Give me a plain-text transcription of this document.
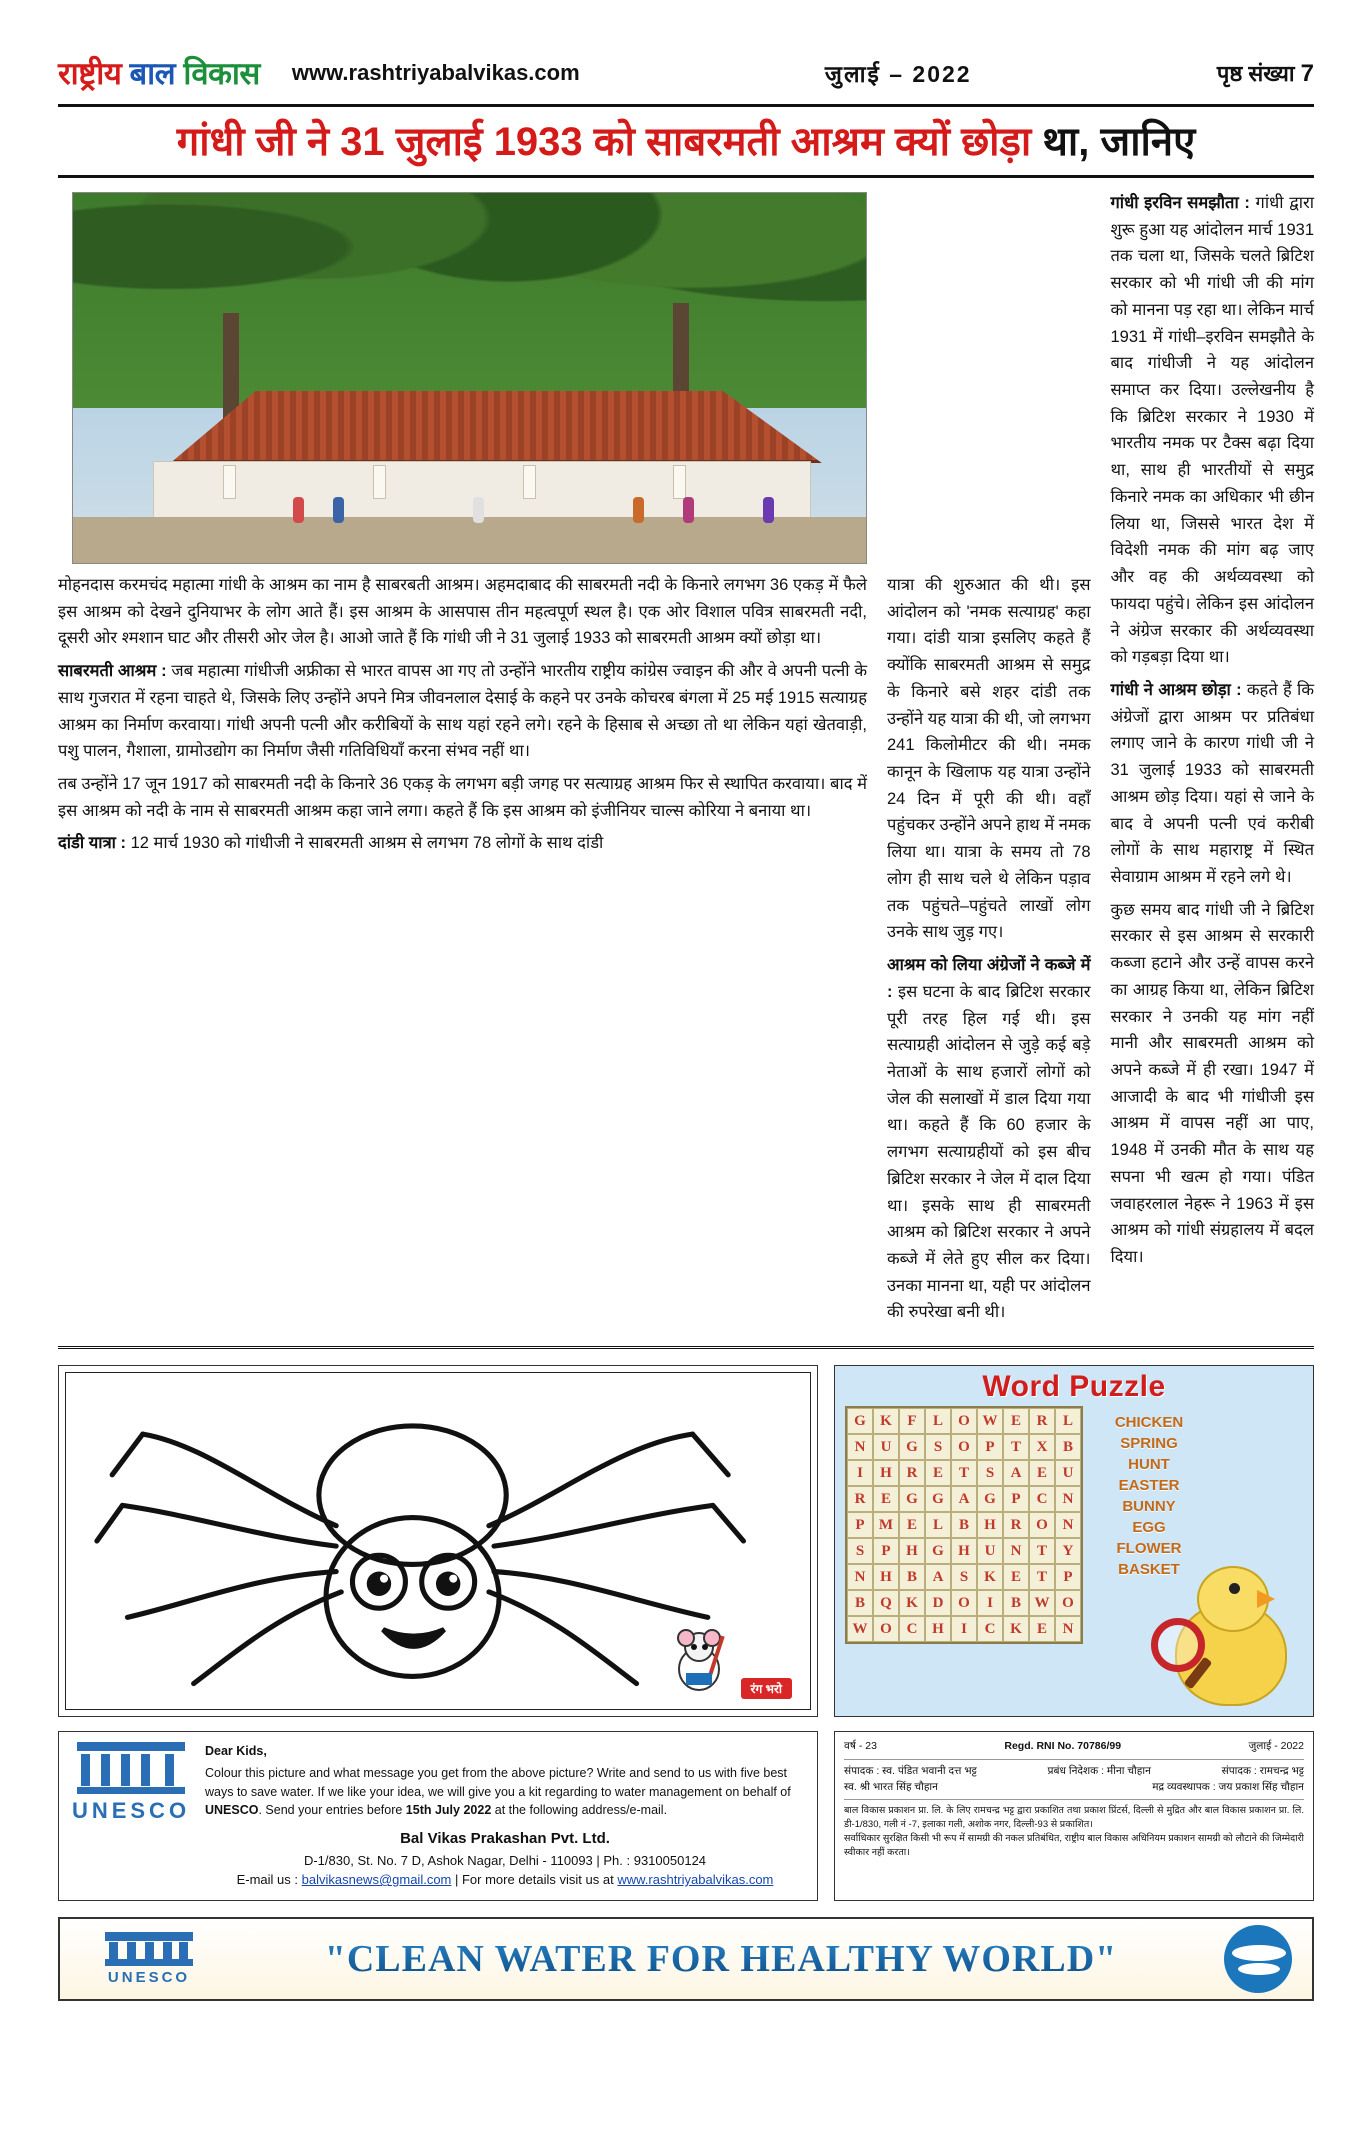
राष्ट्रीय बाल विकास www.rashtriyabalvikas.com	जुलाई – 2022	पृष्ठ संख्या 7
गांधी जी ने 31 जुलाई 1933 को साबरमती आश्रम क्यों छोड़ा था, जानिए

मोहनदास करमचंद महात्मा गांधी के आश्रम का नाम है साबरबती आश्रम। अहमदाबाद की साबरमती नदी के किनारे लगभग 36 एकड़ में फैले इस आश्रम को देखने दुनियाभर के लोग आते हैं। इस आश्रम के आसपास तीन महत्वपूर्ण स्थल है। एक ओर विशाल पवित्र साबरमती नदी, दूसरी ओर श्मशान घाट और तीसरी ओर जेल है। आओ जाते हैं कि गांधी जी ने 31 जुलाई 1933 को साबरमती आश्रम क्यों छोड़ा था।

साबरमती आश्रम : जब महात्मा गांधीजी अफ्रीका से भारत वापस आ गए तो उन्होंने भारतीय राष्ट्रीय कांग्रेस ज्वाइन की और वे अपनी पत्नी के साथ गुजरात में रहना चाहते थे, जिसके लिए उन्होंने अपने मित्र जीवनलाल देसाई के कहने पर उनके कोचरब बंगला में 25 मई 1915 सत्याग्रह आश्रम का निर्माण करवाया। गांधी अपनी पत्नी और करीबियों के साथ यहां रहने लगे। रहने के हिसाब से अच्छा तो था लेकिन यहां खेतवाड़ी, पशु पालन, गैशाला, ग्रामोउद्योग का निर्माण जैसी गतिविधियाँ करना संभव नहीं था।

तब उन्होंने 17 जून 1917 को साबरमती नदी के किनारे 36 एकड़ के लगभग बड़ी जगह पर सत्याग्रह आश्रम फिर से स्थापित करवाया। बाद में इस आश्रम को नदी के नाम से साबरमती आश्रम कहा जाने लगा। कहते हैं कि इस आश्रम को इंजीनियर चाल्स कोरिया ने बनाया था।

दांडी यात्रा : 12 मार्च 1930 को गांधीजी ने साबरमती आश्रम से लगभग 78 लोगों के साथ दांडी

यात्रा की शुरुआत की थी। इस आंदोलन को 'नमक सत्याग्रह' कहा गया। दांडी यात्रा इसलिए कहते हैं क्योंकि साबरमती आश्रम से समुद्र के किनारे बसे शहर दांडी तक उन्होंने यह यात्रा की थी, जो लगभग 241 किलोमीटर की थी। नमक कानून के खिलाफ यह यात्रा उन्होंने 24 दिन में पूरी की थी। वहाँ पहुंचकर उन्होंने अपने हाथ में नमक लिया था। यात्रा के समय तो 78 लोग ही साथ चले थे लेकिन पड़ाव तक पहुंचते–पहुंचते लाखों लोग उनके साथ जुड़ गए।

आश्रम को लिया अंग्रेजों ने कब्जे में : इस घटना के बाद ब्रिटिश सरकार पूरी तरह हिल गई थी। इस सत्याग्रही आंदोलन से जुड़े कई बड़े नेताओं के साथ हजारों लोगों को जेल की सलाखों में डाल दिया गया था। कहते हैं कि 60 हजार के लगभग सत्याग्रहीयों को इस बीच ब्रिटिश सरकार ने जेल में दाल दिया था। इसके साथ ही साबरमती आश्रम को ब्रिटिश सरकार ने अपने कब्जे में लेते हुए सील कर दिया। उनका मानना था, यही पर आंदोलन की रुपरेखा बनी थी।

गांधी इरविन समझौता : गांधी द्वारा शुरू हुआ यह आंदोलन मार्च 1931 तक चला था, जिसके चलते ब्रिटिश सरकार को भी गांधी जी की मांग को मानना पड़ रहा था। लेकिन मार्च 1931 में गांधी–इरविन समझौते के बाद गांधीजी ने यह आंदोलन समाप्त कर दिया। उल्लेखनीय है कि ब्रिटिश सरकार ने 1930 में भारतीय नमक पर टैक्स बढ़ा दिया था, साथ ही भारतीयों से समुद्र किनारे नमक का अधिकार भी छीन लिया था, जिससे भारत देश में विदेशी नमक की मांग बढ़ जाए और वह की अर्थव्यवस्था को फायदा पहुंचे। लेकिन इस आंदोलन ने अंग्रेज सरकार की अर्थव्यवस्था को गड़बड़ा दिया था।

गांधी ने आश्रम छोड़ा : कहते हैं कि अंग्रेजों द्वारा आश्रम पर प्रतिबंधा लगाए जाने के कारण गांधी जी ने 31 जुलाई 1933 को साबरमती आश्रम छोड़ दिया। यहां से जाने के बाद वे अपनी पत्नी एवं करीबी लोगों के साथ महाराष्ट्र में स्थित सेवाग्राम आश्रम में रहने लगे थे।

कुछ समय बाद गांधी जी ने ब्रिटिश सरकार से इस आश्रम से सरकारी कब्जा हटाने और उन्हें वापस करने का आग्रह किया था, लेकिन ब्रिटिश सरकार ने उनकी यह मांग नहीं मानी और साबरमती आश्रम को अपने कब्जे में ही रखा। 1947 में आजादी के बाद भी गांधीजी इस आश्रम में वापस नहीं आ पाए, 1948 में उनकी मौत के साथ यह सपना भी खत्म हो गया। पंडित जवाहरलाल नेहरू ने 1963 में इस आश्रम को गांधी संग्रहालय में बदल दिया।

रंग भरो
Word Puzzle
G K	F	L	O W E	R	L
N	U G	S	O	P	T	X	B
I	H R	E	T	S	A	E	U
R	E	G G A G	P	C	N
P M E	L	B	H R O N
S	P	H G H U	N	T	Y
N H	B	A	S	K	E	T	P
B	Q K D O	I	B W O
W O C H	I	C K	E	N
CHICKEN
SPRING
HUNT
EASTER
BUNNY
EGG
FLOWER
BASKET
UNESCO
Dear Kids,
Colour this picture and what message you get from the above picture? Write and send to us with five best ways to save water. If we like your idea, we will give you a kit regarding to water management on behalf of UNESCO. Send your entries before 15th July 2022 at the following address/e-mail.
Bal Vikas Prakashan Pvt. Ltd.
D-1/830, St. No. 7 D, Ashok Nagar, Delhi - 110093 | Ph. : 9310050124
E-mail us : balvikasnews@gmail.com | For more details visit us at www.rashtriyabalvikas.com
वर्ष - 23	Regd. RNI No. 70786/99	जुलाई - 2022
संपादक : स्व. पंडित भवानी दत्त भट्ट	प्रबंध निदेशक : मीना चौहान	संपादक : रामचन्द्र भट्ट
स्व. श्री भारत सिंह चौहान	मद्र व्यवस्थापक : जय प्रकाश सिंह चौहान
बाल विकास प्रकाशन प्रा. लि. के लिए रामचन्द्र भट्ट द्वारा प्रकाशित तथा प्रकाश प्रिंटर्स, दिल्ली से मुद्रित और बाल विकास प्रकाशन प्रा. लि. डी-1/830, गली नं -7, इलाका गली, अशोक नगर, दिल्ली-93 से प्रकाशित।
सर्वाधिकार सुरक्षित किसी भी रूप में सामग्री की नकल प्रतिबंधित, राष्ट्रीय बाल विकास अधिनियम प्रकाशन सामग्री को लौटाने की जिम्मेदारी स्वीकार नहीं करता।
UNESCO	"CLEAN WATER FOR HEALTHY WORLD"
